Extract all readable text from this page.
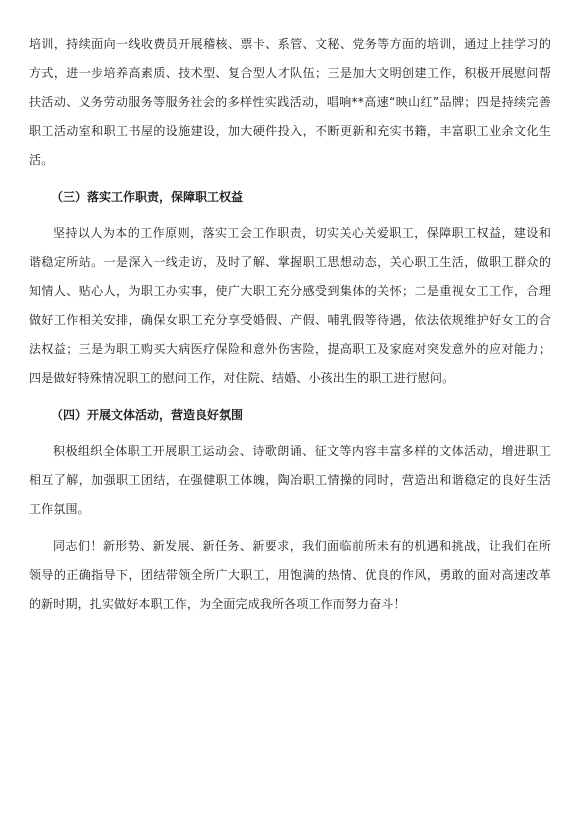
培训，持续面向一线收费员开展稽核、票卡、系管、文秘、党务等方面的培训，通过上挂学习的方式，进一步培养高素质、技术型、复合型人才队伍；三是加大文明创建工作，积极开展慰问帮扶活动、义务劳动服务等服务社会的多样性实践活动，唱响**高速“映山红”品牌；四是持续完善职工活动室和职工书屋的设施建设，加大硬件投入，不断更新和充实书籍，丰富职工业余文化生活。

（三）落实工作职责，保障职工权益

坚持以人为本的工作原则，落实工会工作职责，切实关心关爱职工，保障职工权益，建设和谐稳定所站。一是深入一线走访，及时了解、掌握职工思想动态，关心职工生活，做职工群众的知情人、贴心人，为职工办实事，使广大职工充分感受到集体的关怀；二是重视女工工作，合理做好工作相关安排，确保女职工充分享受婚假、产假、哺乳假等待遇，依法依规维护好女工的合法权益；三是为职工购买大病医疗保险和意外伤害险，提高职工及家庭对突发意外的应对能力；四是做好特殊情况职工的慰问工作，对住院、结婚、小孩出生的职工进行慰问。

（四）开展文体活动，营造良好氛围

积极组织全体职工开展职工运动会、诗歌朗诵、征文等内容丰富多样的文体活动，增进职工相互了解，加强职工团结，在强健职工体魄，陶冶职工情操的同时，营造出和谐稳定的良好生活工作氛围。

同志们！新形势、新发展、新任务、新要求，我们面临前所未有的机遇和挑战，让我们在所领导的正确指导下，团结带领全所广大职工，用饱满的热情、优良的作风，勇敢的面对高速改革的新时期，扎实做好本职工作，为全面完成我所各项工作而努力奋斗！
